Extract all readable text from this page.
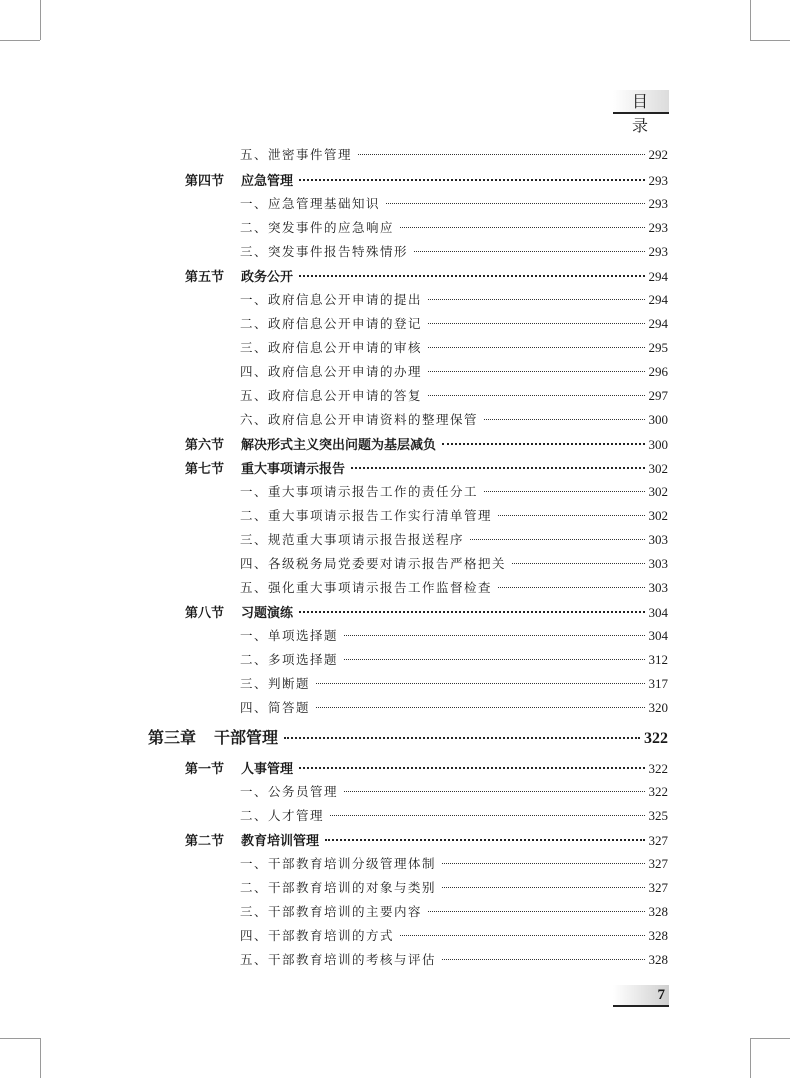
目 录
五、泄密事件管理	292
第四节	应急管理	293
一、应急管理基础知识	293
二、突发事件的应急响应	293
三、突发事件报告特殊情形	293
第五节	政务公开	294
一、政府信息公开申请的提出	294
二、政府信息公开申请的登记	294
三、政府信息公开申请的审核	295
四、政府信息公开申请的办理	296
五、政府信息公开申请的答复	297
六、政府信息公开申请资料的整理保管	300
第六节	解决形式主义突出问题为基层减负	300
第七节	重大事项请示报告	302
一、重大事项请示报告工作的责任分工	302
二、重大事项请示报告工作实行清单管理	302
三、规范重大事项请示报告报送程序	303
四、各级税务局党委要对请示报告严格把关	303
五、强化重大事项请示报告工作监督检查	303
第八节	习题演练	304
一、单项选择题	304
二、多项选择题	312
三、判断题	317
四、简答题	320
第三章	干部管理	322
第一节	人事管理	322
一、公务员管理	322
二、人才管理	325
第二节	教育培训管理	327
一、干部教育培训分级管理体制	327
二、干部教育培训的对象与类别	327
三、干部教育培训的主要内容	328
四、干部教育培训的方式	328
五、干部教育培训的考核与评估	328
7
